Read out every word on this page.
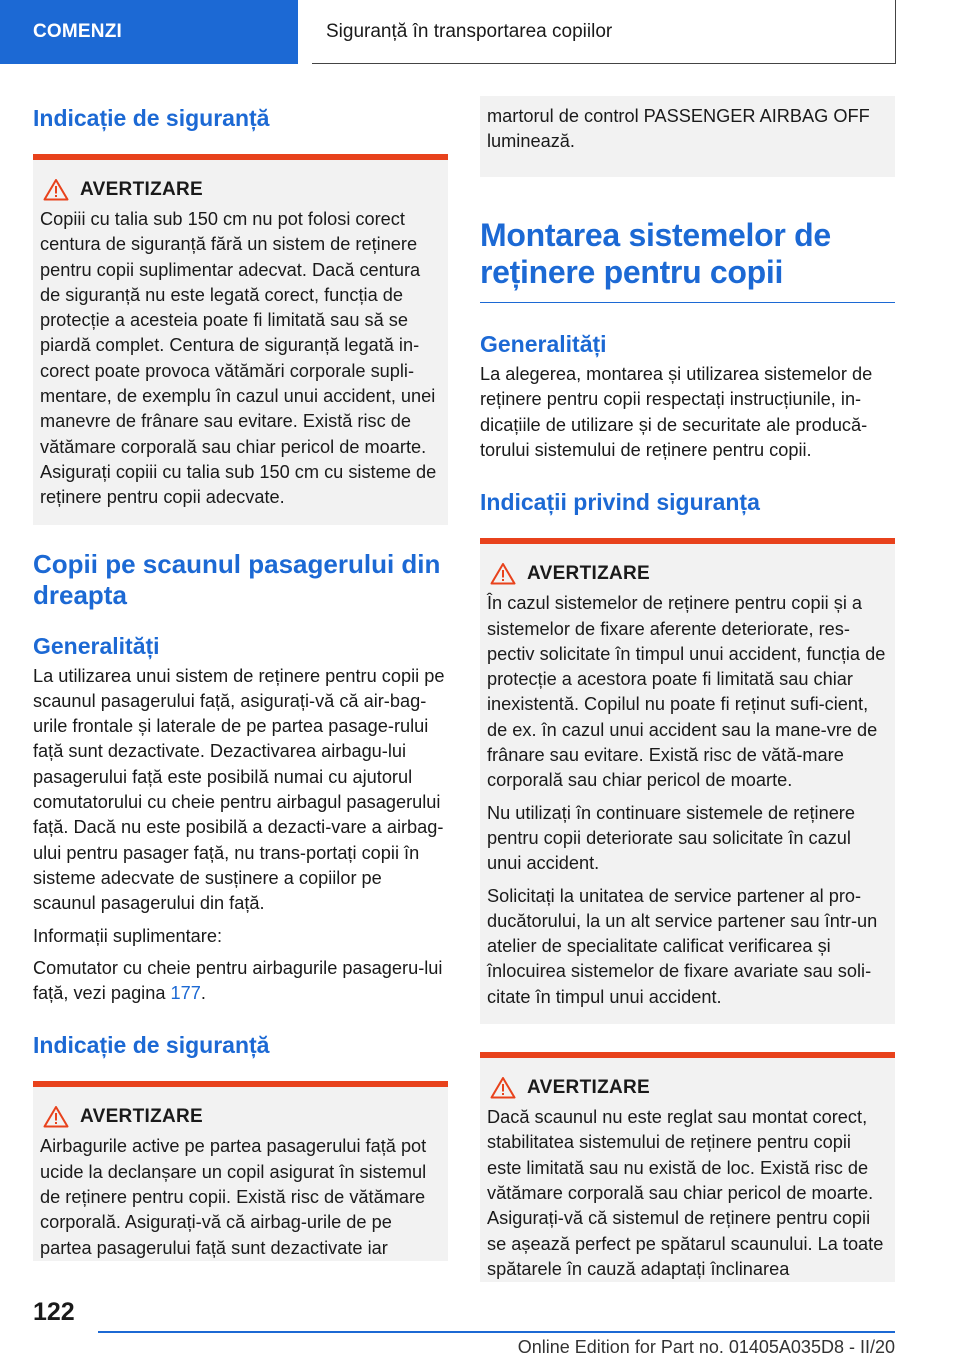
COMENZI	Siguranță în transportarea copiilor
Indicație de siguranță
AVERTIZARE
Copiii cu talia sub 150 cm nu pot folosi corect centura de siguranță fără un sistem de reținere pentru copii suplimentar adecvat. Dacă centura de siguranță nu este legată corect, funcția de protecție a acesteia poate fi limitată sau să se piardă complet. Centura de siguranță legată in‐corect poate provoca vătămări corporale supli‐mentare, de exemplu în cazul unui accident, unei manevre de frânare sau evitare. Există risc de vătămare corporală sau chiar pericol de moarte. Asigurați copiii cu talia sub 150 cm cu sisteme de reținere pentru copii adecvate.
Copii pe scaunul pasagerului din dreapta
Generalități
La utilizarea unui sistem de reținere pentru copii pe scaunul pasagerului față, asigurați-vă că air‐bag-urile frontale și laterale de pe partea pasage‐rului față sunt dezactivate. Dezactivarea airbagu‐lui pasagerului față este posibilă numai cu ajutorul comutatorului cu cheie pentru airbagul pasagerului față. Dacă nu este posibilă a dezacti‐vare a airbag-ului pentru pasager față, nu trans‐portați copii în sisteme adecvate de susținere a copiilor pe scaunul pasagerului din față.
Informații suplimentare:
Comutator cu cheie pentru airbagurile pasageru‐lui față, vezi pagina 177.
Indicație de siguranță
AVERTIZARE
Airbagurile active pe partea pasagerului față pot ucide la declanșare un copil asigurat în sistemul de reținere pentru copii. Există risc de vătămare corporală. Asigurați-vă că airbag-urile de pe partea pasagerului față sunt dezactivate iar
martorul de control PASSENGER AIRBAG OFF luminează.
Montarea sistemelor de reținere pentru copii
Generalități
La alegerea, montarea și utilizarea sistemelor de reținere pentru copii respectați instrucțiunile, in‐dicațiile de utilizare și de securitate ale producă‐torului sistemului de reținere pentru copii.
Indicații privind siguranța
AVERTIZARE
În cazul sistemelor de reținere pentru copii și a sistemelor de fixare aferente deteriorate, res‐pectiv solicitate în timpul unui accident, funcția de protecție a acestora poate fi limitată sau chiar inexistentă. Copilul nu poate fi reținut sufi‐cient, de ex. în cazul unui accident sau la mane‐vre de frânare sau evitare. Există risc de vătă‐mare corporală sau chiar pericol de moarte.
Nu utilizați în continuare sistemele de reținere pentru copii deteriorate sau solicitate în cazul unui accident.
Solicitați la unitatea de service partener al pro‐ducătorului, la un alt service partener sau într‐un atelier de specialitate calificat verificarea și înlocuirea sistemelor de fixare avariate sau soli‐citate în timpul unui accident.
AVERTIZARE
Dacă scaunul nu este reglat sau montat corect, stabilitatea sistemului de reținere pentru copii este limitată sau nu există de loc. Există risc de vătămare corporală sau chiar pericol de moarte. Asigurați-vă că sistemul de reținere pentru copii se așează perfect pe spătarul scaunului. La toate spătarele în cauză adaptați înclinarea
122
Online Edition for Part no. 01405A035D8 - II/20
